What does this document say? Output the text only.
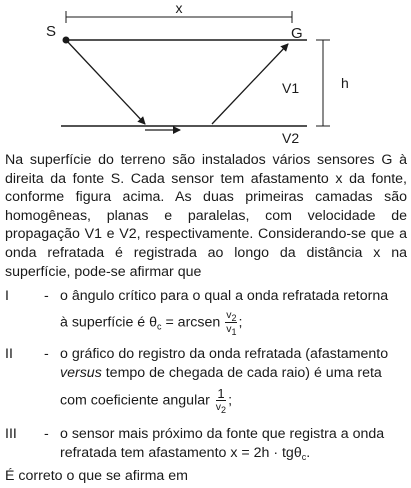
x
S	G
h
V1
V2
Na superfície do terreno são instalados vários sensores G à direita da fonte S. Cada sensor tem afastamento x da fonte, conforme figura acima. As duas primeiras camadas são homogêneas, planas e paralelas, com velocidade de propagação V1 e V2, respectivamente. Considerando-se que a onda refratada é registrada ao longo da distância x na superfície, pode-se afirmar que
I - o ângulo crítico para o qual a onda refratada retorna
à superfície é $\theta_c$ = arcsen $\frac{v_2}{v_1}$ ;
II - o gráfico do registro da onda refratada (afastamento
versus tempo de chegada de cada raio) é uma reta
com coeficiente angular $\frac{1}{v_2}$ ;
III - o sensor mais próximo da fonte que registra a onda
refratada tem afastamento x = 2h · tgθ$_c$.
É correto o que se afirma em
